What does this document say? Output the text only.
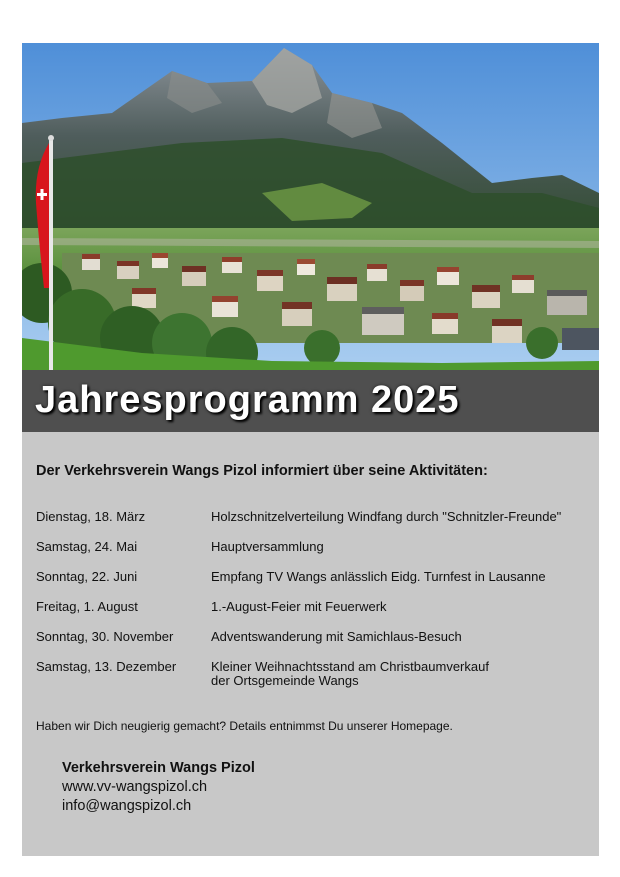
Jahresprogramm 2025
Der Verkehrsverein Wangs Pizol informiert über seine Aktivitäten:
Dienstag, 18. März	Holzschnitzelverteilung Windfang durch "Schnitzler-Freunde"
Samstag, 24. Mai	Hauptversammlung
Sonntag, 22. Juni	Empfang TV Wangs anlässlich Eidg. Turnfest in Lausanne
Freitag, 1. August	1.-August-Feier mit Feuerwerk
Sonntag, 30. November	Adventswanderung mit Samichlaus-Besuch
Samstag, 13. Dezember	Kleiner Weihnachtsstand am Christbaumverkauf
der Ortsgemeinde Wangs
Haben wir Dich neugierig gemacht? Details entnimmst Du unserer Homepage.
Verkehrsverein Wangs Pizol
www.vv-wangspizol.ch
info@wangspizol.ch
